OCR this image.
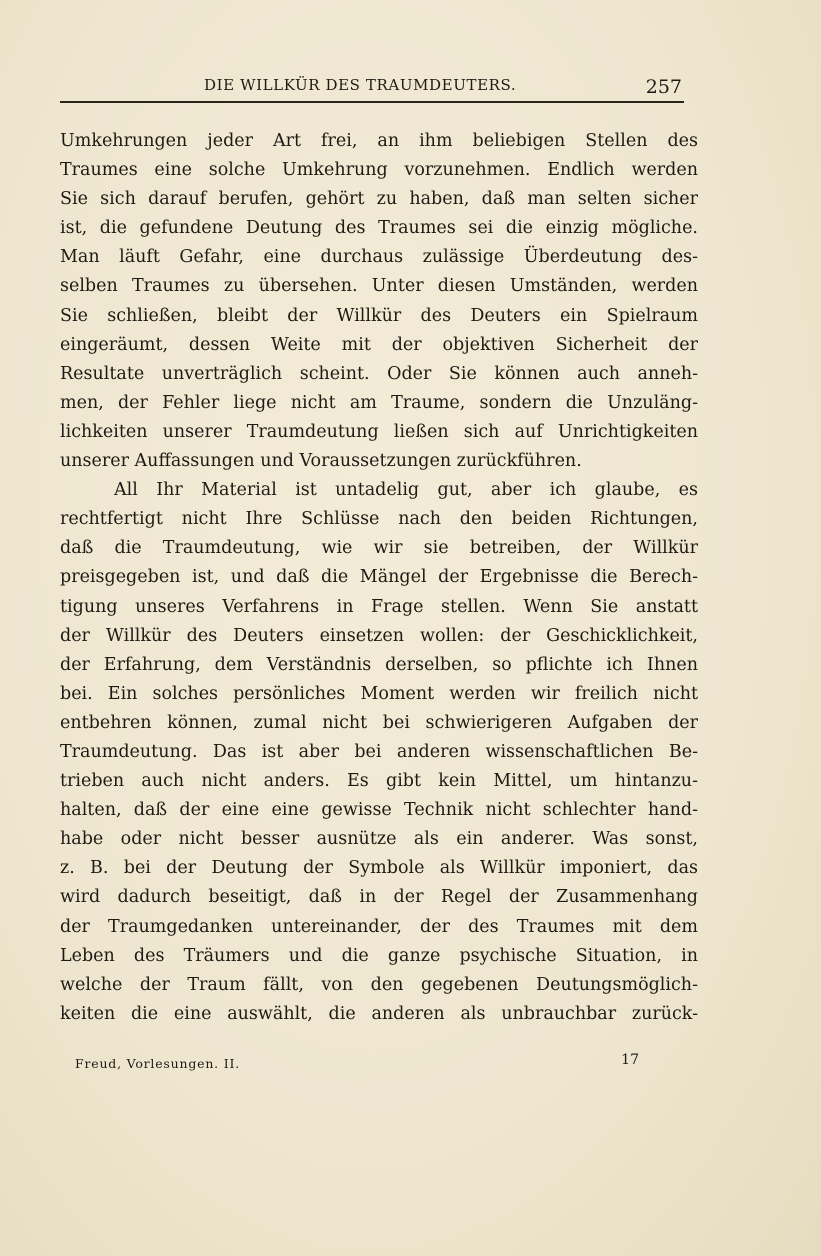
DIE WILLKÜR DES TRAUMDEUTERS.	257
Umkehrungen jeder Art frei, an ihm beliebigen Stellen des
Traumes eine solche Umkehrung vorzunehmen. Endlich werden
Sie sich darauf berufen, gehört zu haben, daß man selten sicher
ist, die gefundene Deutung des Traumes sei die einzig mögliche.
Man läuft Gefahr, eine durchaus zulässige Überdeutung des-
selben Traumes zu übersehen. Unter diesen Umständen, werden
Sie schließen, bleibt der Willkür des Deuters ein Spielraum
eingeräumt, dessen Weite mit der objektiven Sicherheit der
Resultate unverträglich scheint. Oder Sie können auch anneh-
men, der Fehler liege nicht am Traume, sondern die Unzuläng-
lichkeiten unserer Traumdeutung ließen sich auf Unrichtigkeiten
unserer Auffassungen und Voraussetzungen zurückführen.
All Ihr Material ist untadelig gut, aber ich glaube, es
rechtfertigt nicht Ihre Schlüsse nach den beiden Richtungen,
daß die Traumdeutung, wie wir sie betreiben, der Willkür
preisgegeben ist, und daß die Mängel der Ergebnisse die Berech-
tigung unseres Verfahrens in Frage stellen. Wenn Sie anstatt
der Willkür des Deuters einsetzen wollen: der Geschicklichkeit,
der Erfahrung, dem Verständnis derselben, so pflichte ich Ihnen
bei. Ein solches persönliches Moment werden wir freilich nicht
entbehren können, zumal nicht bei schwierigeren Aufgaben der
Traumdeutung. Das ist aber bei anderen wissenschaftlichen Be-
trieben auch nicht anders. Es gibt kein Mittel, um hintanzu-
halten, daß der eine eine gewisse Technik nicht schlechter hand-
habe oder nicht besser ausnütze als ein anderer. Was sonst,
z. B. bei der Deutung der Symbole als Willkür imponiert, das
wird dadurch beseitigt, daß in der Regel der Zusammenhang
der Traumgedanken untereinander, der des Traumes mit dem
Leben des Träumers und die ganze psychische Situation, in
welche der Traum fällt, von den gegebenen Deutungsmöglich-
keiten die eine auswählt, die anderen als unbrauchbar zurück-
Freud, Vorlesungen. II.	17
